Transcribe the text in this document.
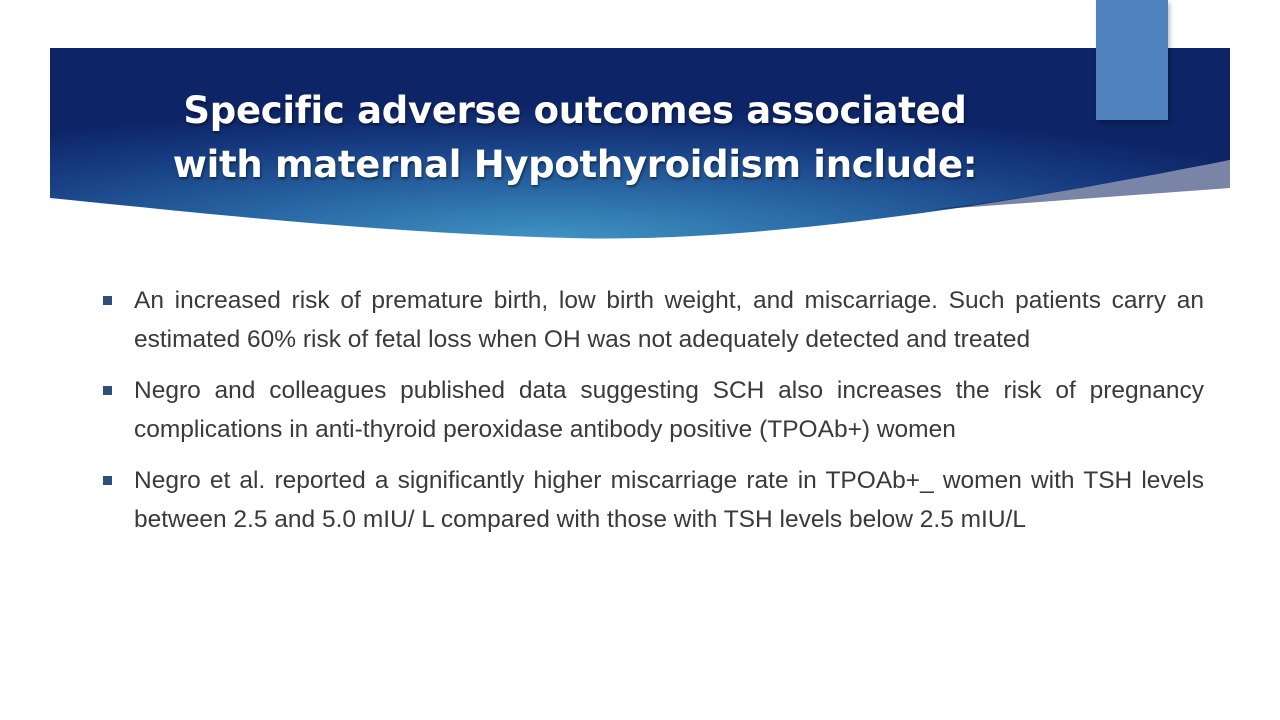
Specific adverse outcomes associated
with maternal Hypothyroidism include:
An increased risk of premature birth, low birth weight, and miscarriage. Such patients carry an estimated 60% risk of fetal loss when OH was not adequately detected and treated
Negro and colleagues published data suggesting SCH also increases the risk of pregnancy complications in anti-thyroid peroxidase antibody positive (TPOAb+) women
Negro et al. reported a significantly higher miscarriage rate in TPOAb+_ women with TSH levels between 2.5 and 5.0 mIU/ L compared with those with TSH levels below 2.5 mIU/L
